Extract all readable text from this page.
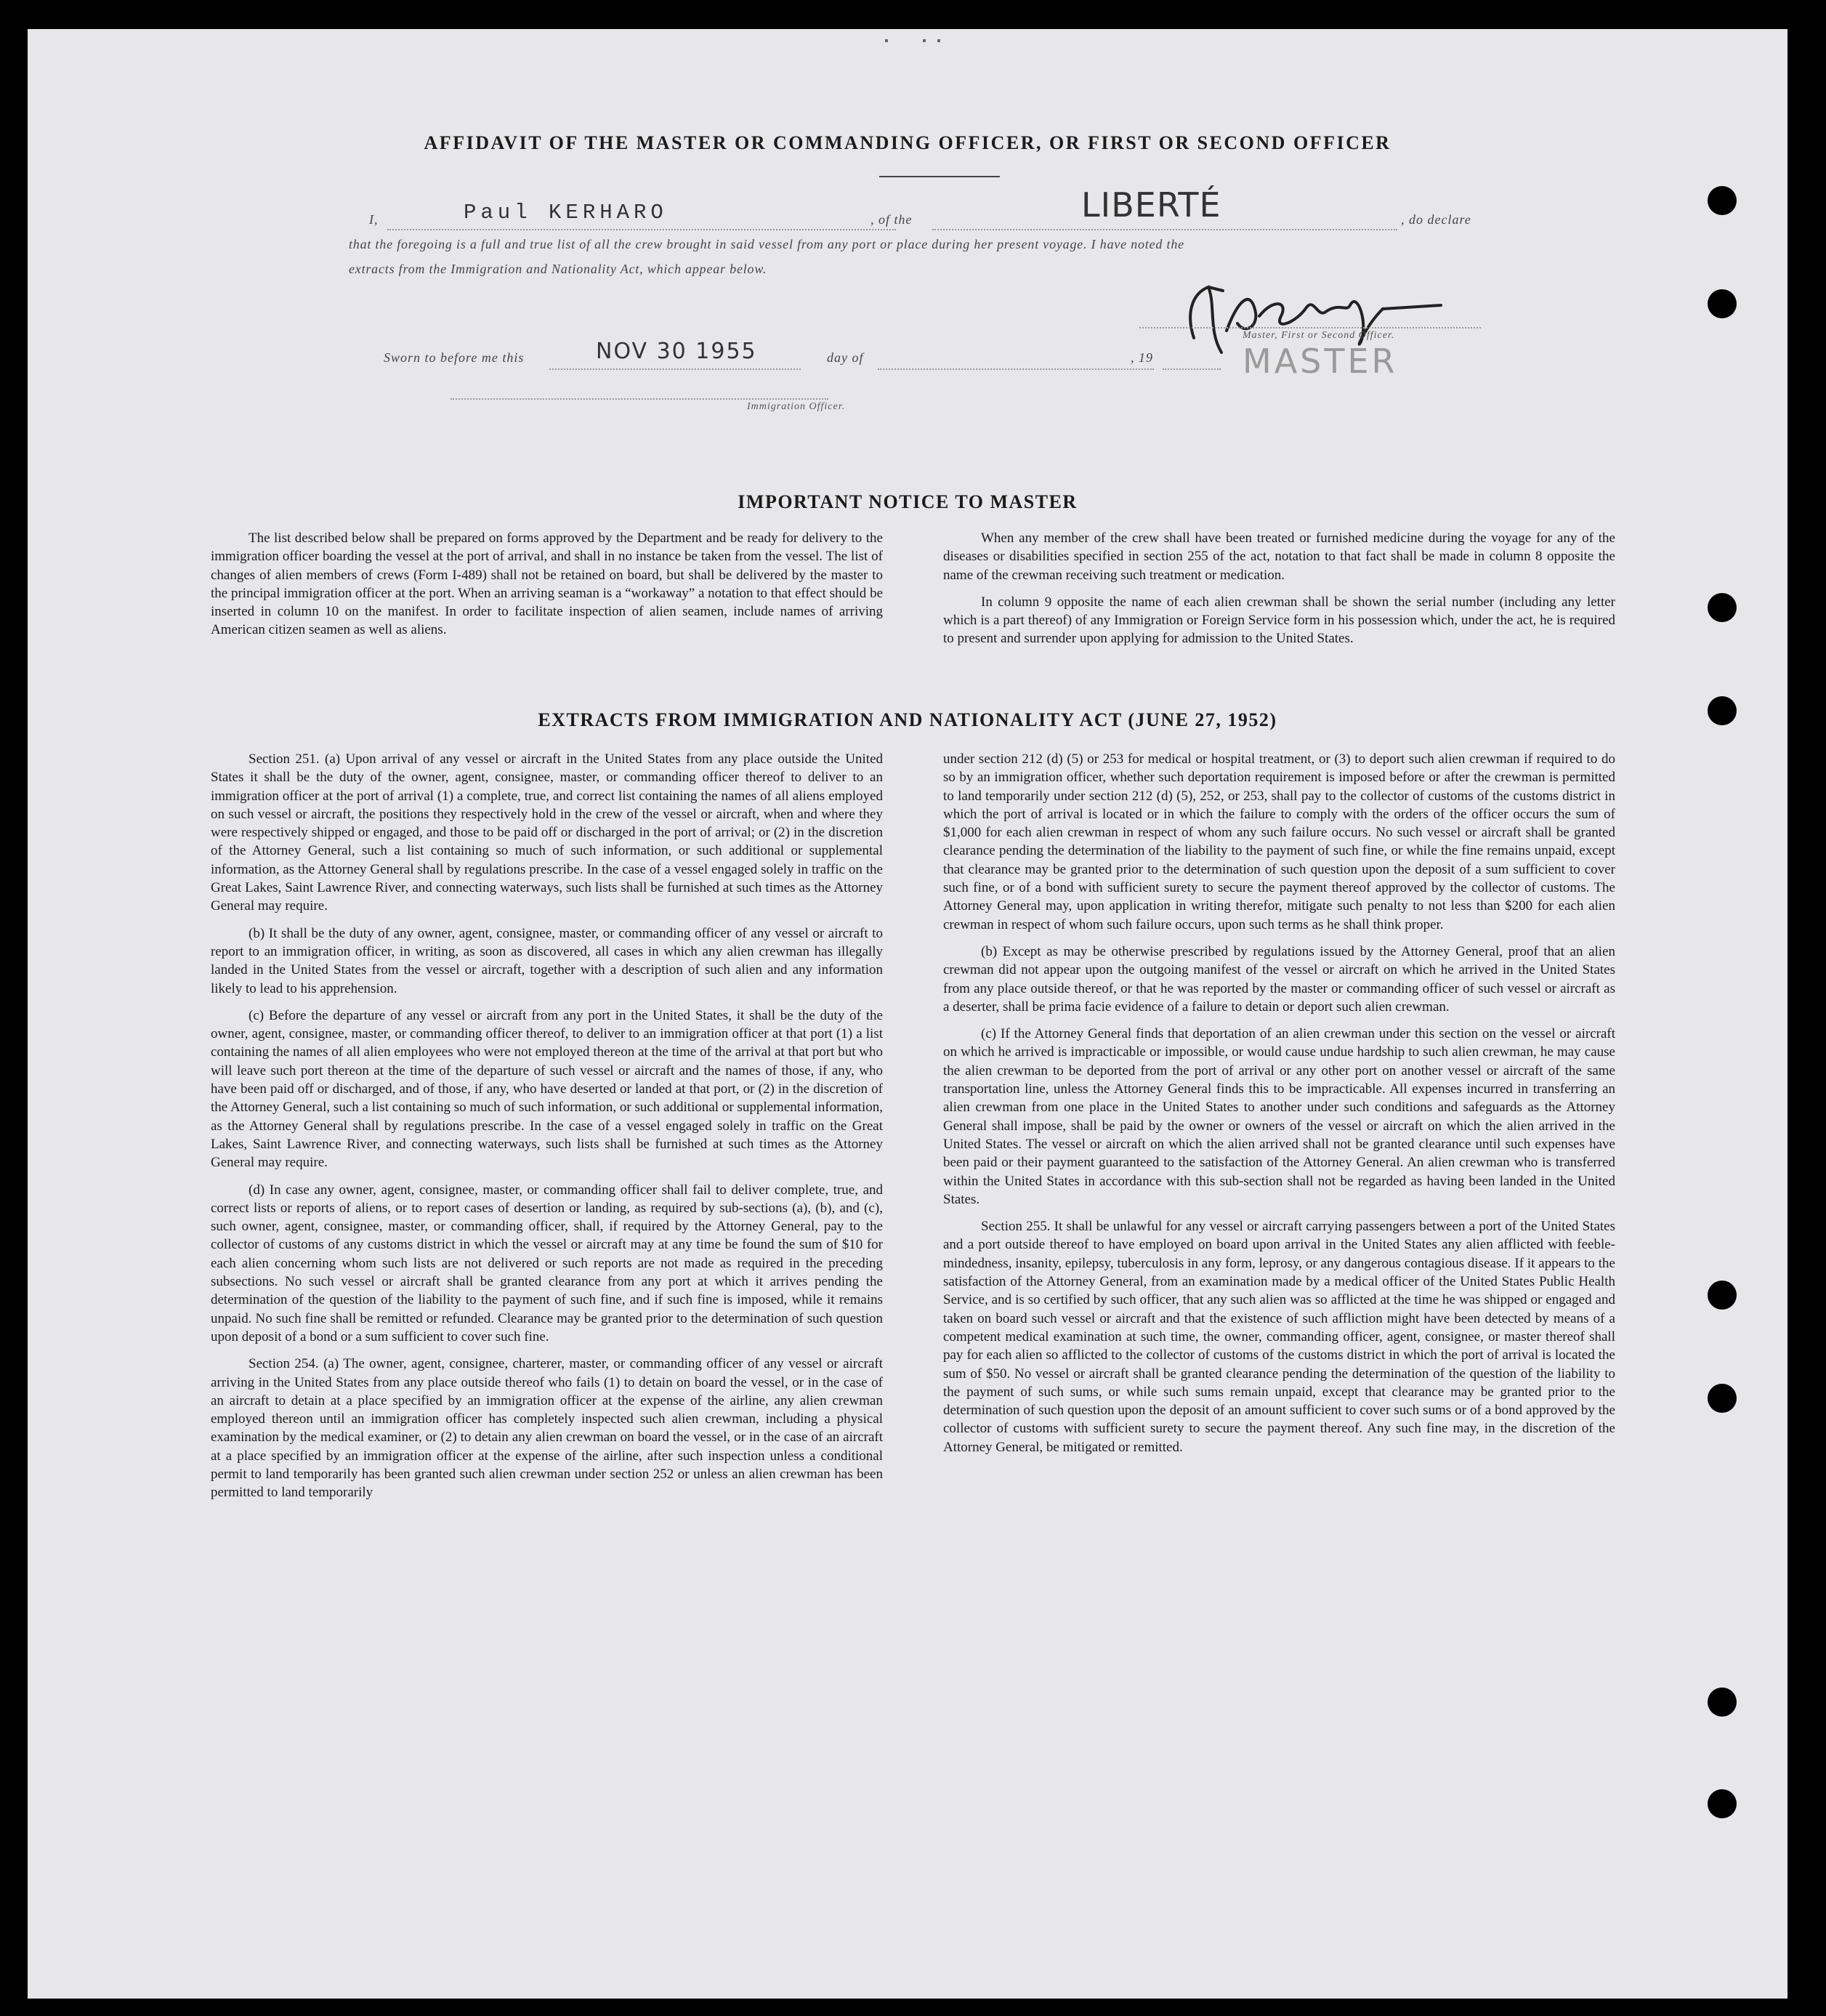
AFFIDAVIT OF THE MASTER OR COMMANDING OFFICER, OR FIRST OR SECOND OFFICER
I,	Paul KERHARO	, of the	LIBERTÉ	, do declare
that the foregoing is a full and true list of all the crew brought in said vessel from any port or place during her present voyage. I have noted the
extracts from the Immigration and Nationality Act, which appear below.
Master, First or Second Officer.
MASTER
Sworn to before me this	NOV 30 1955	day of	, 19
Immigration Officer.
IMPORTANT NOTICE TO MASTER

The list described below shall be prepared on forms approved by the Department and be ready for delivery to the immigration officer boarding the vessel at the port of arrival, and shall in no instance be taken from the vessel. The list of changes of alien members of crews (Form I-489) shall not be retained on board, but shall be delivered by the master to the principal immigration officer at the port. When an arriving seaman is a “workaway” a notation to that effect should be inserted in column 10 on the manifest. In order to facilitate inspection of alien seamen, include names of arriving American citizen seamen as well as aliens.

When any member of the crew shall have been treated or furnished medicine during the voyage for any of the diseases or disabilities specified in section 255 of the act, notation to that fact shall be made in column 8 opposite the name of the crewman receiving such treatment or medication.

In column 9 opposite the name of each alien crewman shall be shown the serial number (including any letter which is a part thereof) of any Immigration or Foreign Service form in his possession which, under the act, he is required to present and surrender upon applying for admission to the United States.

EXTRACTS FROM IMMIGRATION AND NATIONALITY ACT (JUNE 27, 1952)

Section 251. (a) Upon arrival of any vessel or aircraft in the United States from any place outside the United States it shall be the duty of the owner, agent, consignee, master, or commanding officer thereof to deliver to an immigration officer at the port of arrival (1) a complete, true, and correct list containing the names of all aliens employed on such vessel or aircraft, the positions they respectively hold in the crew of the vessel or aircraft, when and where they were respectively shipped or engaged, and those to be paid off or discharged in the port of arrival; or (2) in the discretion of the Attorney General, such a list containing so much of such information, or such additional or supplemental information, as the Attorney General shall by regulations prescribe. In the case of a vessel engaged solely in traffic on the Great Lakes, Saint Lawrence River, and connecting waterways, such lists shall be furnished at such times as the Attorney General may require.

(b) It shall be the duty of any owner, agent, consignee, master, or commanding officer of any vessel or aircraft to report to an immigration officer, in writing, as soon as discovered, all cases in which any alien crewman has illegally landed in the United States from the vessel or aircraft, together with a description of such alien and any information likely to lead to his apprehension.

(c) Before the departure of any vessel or aircraft from any port in the United States, it shall be the duty of the owner, agent, consignee, master, or commanding officer thereof, to deliver to an immigration officer at that port (1) a list containing the names of all alien employees who were not employed thereon at the time of the arrival at that port but who will leave such port thereon at the time of the departure of such vessel or aircraft and the names of those, if any, who have been paid off or discharged, and of those, if any, who have deserted or landed at that port, or (2) in the discretion of the Attorney General, such a list containing so much of such information, or such additional or supplemental information, as the Attorney General shall by regulations prescribe. In the case of a vessel engaged solely in traffic on the Great Lakes, Saint Lawrence River, and connecting waterways, such lists shall be furnished at such times as the Attorney General may require.

(d) In case any owner, agent, consignee, master, or commanding officer shall fail to deliver complete, true, and correct lists or reports of aliens, or to report cases of desertion or landing, as required by sub-sections (a), (b), and (c), such owner, agent, consignee, master, or commanding officer, shall, if required by the Attorney General, pay to the collector of customs of any customs district in which the vessel or aircraft may at any time be found the sum of $10 for each alien concerning whom such lists are not delivered or such reports are not made as required in the preceding subsections. No such vessel or aircraft shall be granted clearance from any port at which it arrives pending the determination of the question of the liability to the payment of such fine, and if such fine is imposed, while it remains unpaid. No such fine shall be remitted or refunded. Clearance may be granted prior to the determination of such question upon deposit of a bond or a sum sufficient to cover such fine.

Section 254. (a) The owner, agent, consignee, charterer, master, or commanding officer of any vessel or aircraft arriving in the United States from any place outside thereof who fails (1) to detain on board the vessel, or in the case of an aircraft to detain at a place specified by an immigration officer at the expense of the airline, any alien crewman employed thereon until an immigration officer has completely inspected such alien crewman, including a physical examination by the medical examiner, or (2) to detain any alien crewman on board the vessel, or in the case of an aircraft at a place specified by an immigration officer at the expense of the airline, after such inspection unless a conditional permit to land temporarily has been granted such alien crewman under section 252 or unless an alien crewman has been permitted to land temporarily

under section 212 (d) (5) or 253 for medical or hospital treatment, or (3) to deport such alien crewman if required to do so by an immigration officer, whether such deportation requirement is imposed before or after the crewman is permitted to land temporarily under section 212 (d) (5), 252, or 253, shall pay to the collector of customs of the customs district in which the port of arrival is located or in which the failure to comply with the orders of the officer occurs the sum of $1,000 for each alien crewman in respect of whom any such failure occurs. No such vessel or aircraft shall be granted clearance pending the determination of the liability to the payment of such fine, or while the fine remains unpaid, except that clearance may be granted prior to the determination of such question upon the deposit of a sum sufficient to cover such fine, or of a bond with sufficient surety to secure the payment thereof approved by the collector of customs. The Attorney General may, upon application in writing therefor, mitigate such penalty to not less than $200 for each alien crewman in respect of whom such failure occurs, upon such terms as he shall think proper.

(b) Except as may be otherwise prescribed by regulations issued by the Attorney General, proof that an alien crewman did not appear upon the outgoing manifest of the vessel or aircraft on which he arrived in the United States from any place outside thereof, or that he was reported by the master or commanding officer of such vessel or aircraft as a deserter, shall be prima facie evidence of a failure to detain or deport such alien crewman.

(c) If the Attorney General finds that deportation of an alien crewman under this section on the vessel or aircraft on which he arrived is impracticable or impossible, or would cause undue hardship to such alien crewman, he may cause the alien crewman to be deported from the port of arrival or any other port on another vessel or aircraft of the same transportation line, unless the Attorney General finds this to be impracticable. All expenses incurred in transferring an alien crewman from one place in the United States to another under such conditions and safeguards as the Attorney General shall impose, shall be paid by the owner or owners of the vessel or aircraft on which the alien arrived in the United States. The vessel or aircraft on which the alien arrived shall not be granted clearance until such expenses have been paid or their payment guaranteed to the satisfaction of the Attorney General. An alien crewman who is transferred within the United States in accordance with this sub-section shall not be regarded as having been landed in the United States.

Section 255. It shall be unlawful for any vessel or aircraft carrying passengers between a port of the United States and a port outside thereof to have employed on board upon arrival in the United States any alien afflicted with feeble-mindedness, insanity, epilepsy, tuberculosis in any form, leprosy, or any dangerous contagious disease. If it appears to the satisfaction of the Attorney General, from an examination made by a medical officer of the United States Public Health Service, and is so certified by such officer, that any such alien was so afflicted at the time he was shipped or engaged and taken on board such vessel or aircraft and that the existence of such affliction might have been detected by means of a competent medical examination at such time, the owner, commanding officer, agent, consignee, or master thereof shall pay for each alien so afflicted to the collector of customs of the customs district in which the port of arrival is located the sum of $50. No vessel or aircraft shall be granted clearance pending the determination of the question of the liability to the payment of such sums, or while such sums remain unpaid, except that clearance may be granted prior to the determination of such question upon the deposit of an amount sufficient to cover such sums or of a bond approved by the collector of customs with sufficient surety to secure the payment thereof. Any such fine may, in the discretion of the Attorney General, be mitigated or remitted.
